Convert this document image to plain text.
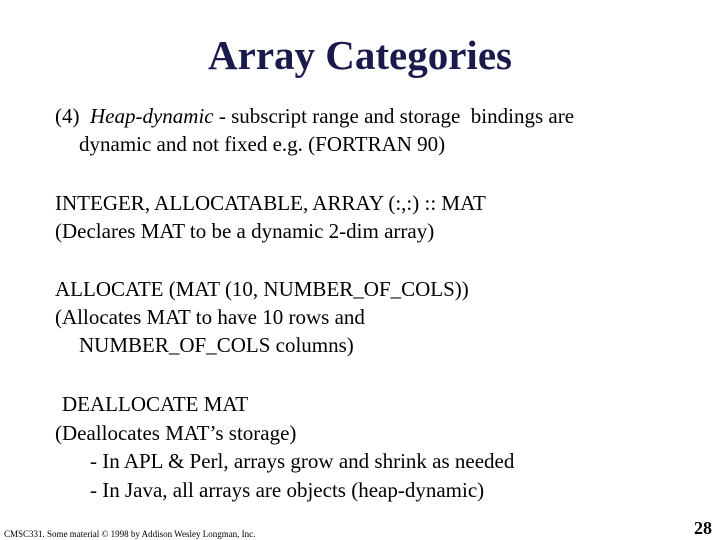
Array Categories
(4)  Heap-dynamic - subscript range and storage  bindings are
dynamic and not fixed e.g. (FORTRAN 90)
INTEGER, ALLOCATABLE, ARRAY (:,:) :: MAT
(Declares MAT to be a dynamic 2-dim array)
ALLOCATE (MAT (10, NUMBER_OF_COLS))
(Allocates MAT to have 10 rows and
NUMBER_OF_COLS columns)
DEALLOCATE MAT
(Deallocates MAT’s storage)
- In APL & Perl, arrays grow and shrink as needed
- In Java, all arrays are objects (heap-dynamic)
CMSC331. Some material © 1998 by Addison Wesley Longman, Inc.	28
